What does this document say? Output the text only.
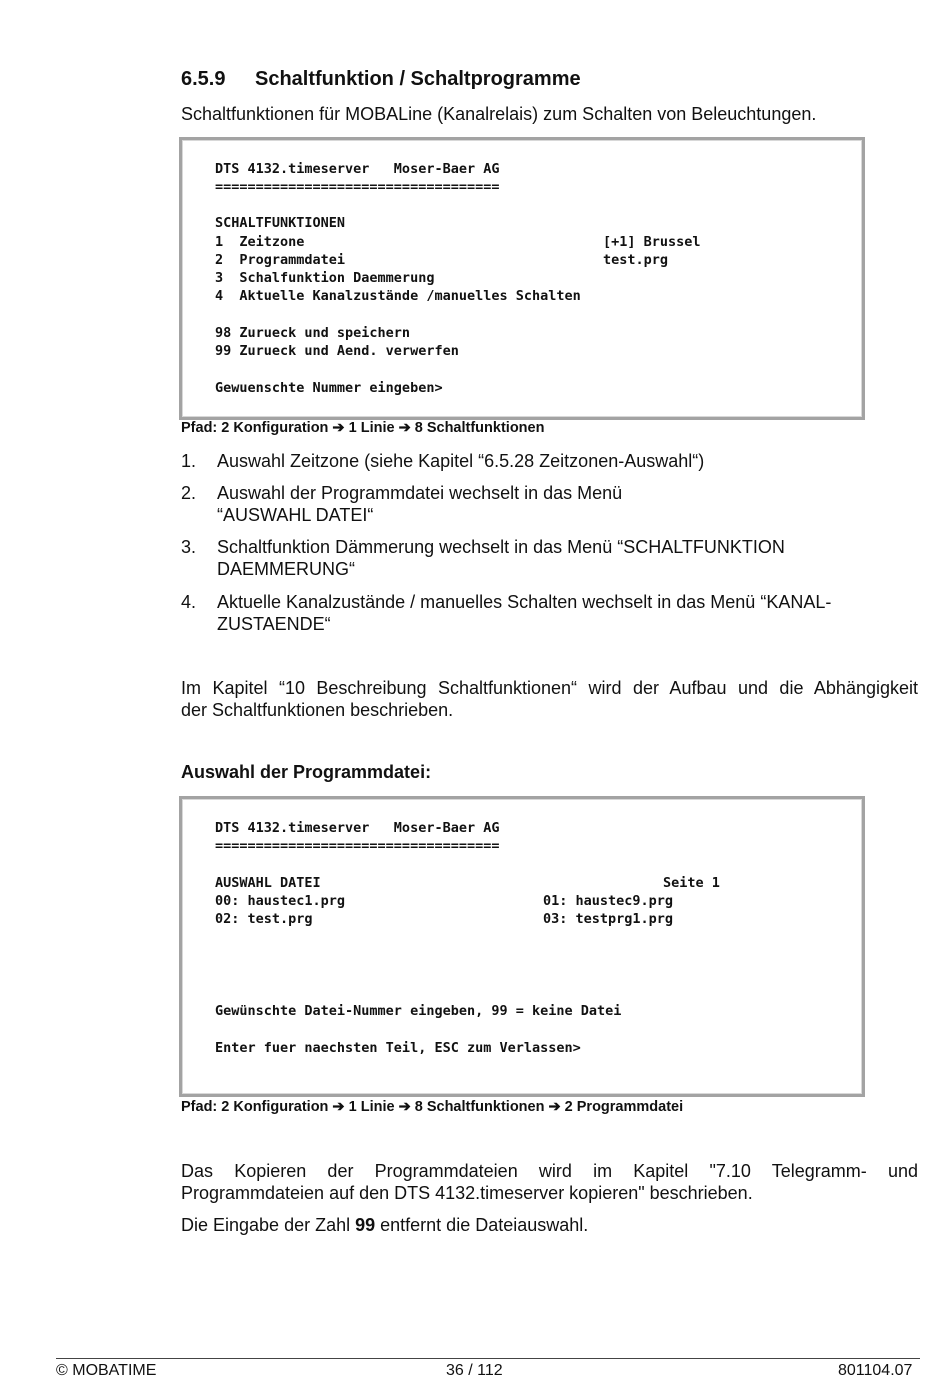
6.5.9 Schaltfunktion / Schaltprogramme
Schaltfunktionen für MOBALine (Kanalrelais) zum Schalten von Beleuchtungen.
DTS 4132.timeserver   Moser-Baer AG
===================================
SCHALTFUNKTIONEN
1  Zeitzone	[+1] Brussel
2  Programmdatei	test.prg
3  Schalfunktion Daemmerung
4  Aktuelle Kanalzustände /manuelles Schalten
98 Zurueck und speichern
99 Zurueck und Aend. verwerfen
Gewuenschte Nummer eingeben>
Pfad: 2 Konfiguration ➔ 1 Linie ➔ 8 Schaltfunktionen
1. Auswahl Zeitzone (siehe Kapitel “6.5.28 Zeitzonen-Auswahl“)
2. Auswahl der Programmdatei wechselt in das Menü
“AUSWAHL DATEI“
3. Schaltfunktion Dämmerung wechselt in das Menü “SCHALTFUNKTION
DAEMMERUNG“
4. Aktuelle Kanalzustände / manuelles Schalten wechselt in das Menü “KANAL-
ZUSTAENDE“
Im Kapitel “10 Beschreibung Schaltfunktionen“ wird der Aufbau und die Abhängigkeit
der Schaltfunktionen beschrieben.
Auswahl der Programmdatei:
DTS 4132.timeserver   Moser-Baer AG
===================================
AUSWAHL DATEI	Seite 1
00: haustec1.prg	01: haustec9.prg
02: test.prg	03: testprg1.prg
Gewünschte Datei-Nummer eingeben, 99 = keine Datei
Enter fuer naechsten Teil, ESC zum Verlassen>
Pfad: 2 Konfiguration ➔ 1 Linie ➔ 8 Schaltfunktionen ➔ 2 Programmdatei
Das Kopieren der Programmdateien wird im Kapitel "7.10 Telegramm- und
Programmdateien auf den DTS 4132.timeserver kopieren" beschrieben.
Die Eingabe der Zahl 99 entfernt die Dateiauswahl.
© MOBATIME	36 / 112	801104.07
